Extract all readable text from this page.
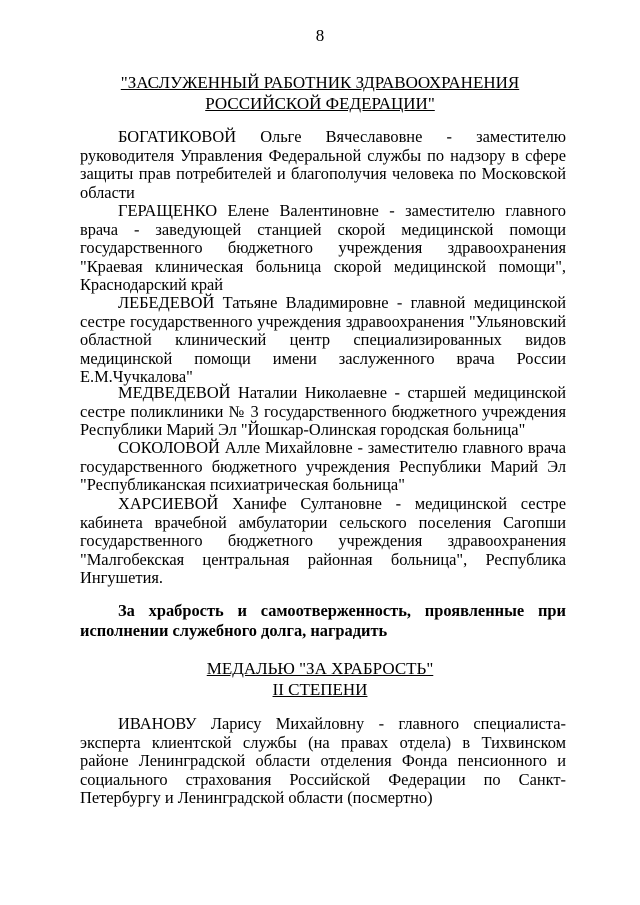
8
"ЗАСЛУЖЕННЫЙ РАБОТНИК ЗДРАВООХРАНЕНИЯ
РОССИЙСКОЙ ФЕДЕРАЦИИ"

БОГАТИКОВОЙ Ольге Вячеславовне - заместителю руководителя Управления Федеральной службы по надзору в сфере защиты прав потребителей и благополучия человека по Московской области

ГЕРАЩЕНКО Елене Валентиновне - заместителю главного врача - заведующей станцией скорой медицинской помощи государственного бюджетного учреждения здравоохранения "Краевая клиническая больница скорой медицинской помощи", Краснодарский край

ЛЕБЕДЕВОЙ Татьяне Владимировне - главной медицинской сестре государственного учреждения здравоохранения "Ульяновский областной клинический центр специализированных видов медицинской помощи имени заслуженного врача России Е.М.Чучкалова"

МЕДВЕДЕВОЙ Наталии Николаевне - старшей медицинской сестре поликлиники № 3 государственного бюджетного учреждения Республики Марий Эл "Йошкар-Олинская городская больница"

СОКОЛОВОЙ Алле Михайловне - заместителю главного врача государственного бюджетного учреждения Республики Марий Эл "Республиканская психиатрическая больница"

ХАРСИЕВОЙ Ханифе Султановне - медицинской сестре кабинета врачебной амбулатории сельского поселения Сагопши государственного бюджетного учреждения здравоохранения "Малгобекская центральная районная больница", Республика Ингушетия.

За храбрость и самоотверженность, проявленные при исполнении служебного долга, наградить

МЕДАЛЬЮ "ЗА ХРАБРОСТЬ"
II СТЕПЕНИ

ИВАНОВУ Ларису Михайловну - главного специалиста-эксперта клиентской службы (на правах отдела) в Тихвинском районе Ленинградской области отделения Фонда пенсионного и социального страхования Российской Федерации по Санкт-Петербургу и Ленинградской области (посмертно)
